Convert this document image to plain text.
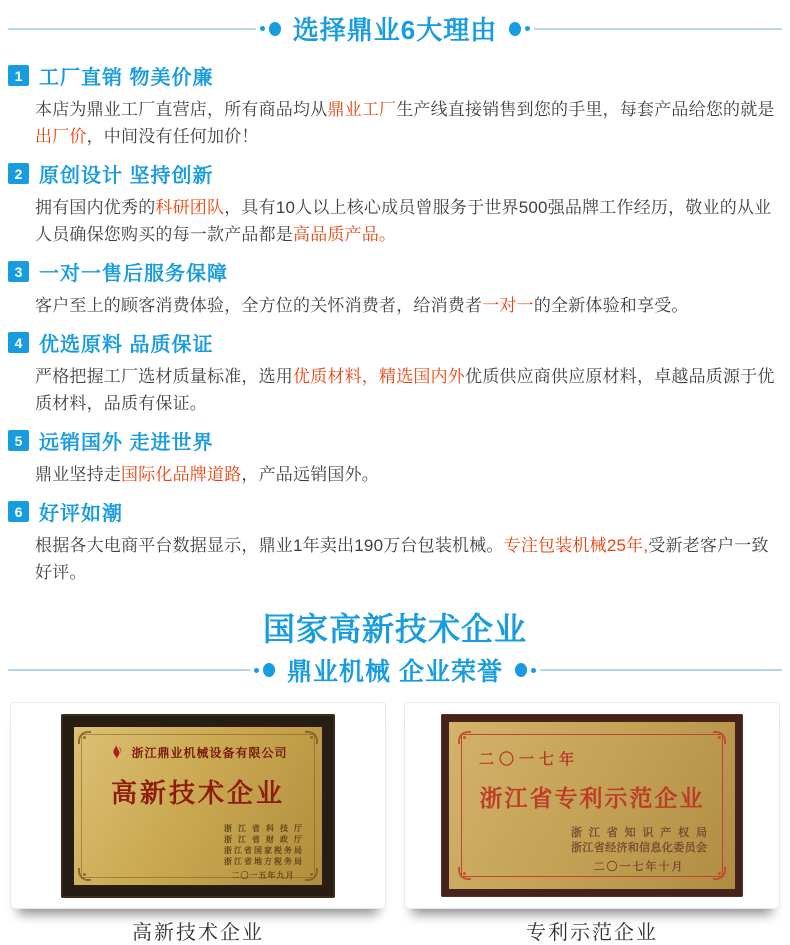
选择鼎业6大理由
1 工厂直销 物美价廉

本店为鼎业工厂直营店，所有商品均从鼎业工厂生产线直接销售到您的手里，每套产品给您的就是出厂价，中间没有任何加价！

2 原创设计 坚持创新

拥有国内优秀的科研团队，具有10人以上核心成员曾服务于世界500强品牌工作经历，敬业的从业人员确保您购买的每一款产品都是高品质产品。

3 一对一售后服务保障

客户至上的顾客消费体验，全方位的关怀消费者，给消费者一对一的全新体验和享受。

4 优选原料 品质保证

严格把握工厂选材质量标准，选用优质材料，精选国内外优质供应商供应原材料，卓越品质源于优质材料，品质有保证。

5 远销国外 走进世界

鼎业坚持走国际化品牌道路，产品远销国外。

6 好评如潮

根据各大电商平台数据显示，鼎业1年卖出190万台包装机械。专注包装机械25年,受新老客户一致好评。

国家高新技术企业
鼎业机械 企业荣誉
浙江鼎业机械设备有限公司
高新技术企业
浙江省科技厅
浙江省财政厅
浙江省国家税务局
浙江省地方税务局
二〇一五年九月
高新技术企业
二〇一七年
浙江省专利示范企业
浙江省知识产权局
浙江省经济和信息化委员会
二〇一七年十月
专利示范企业
